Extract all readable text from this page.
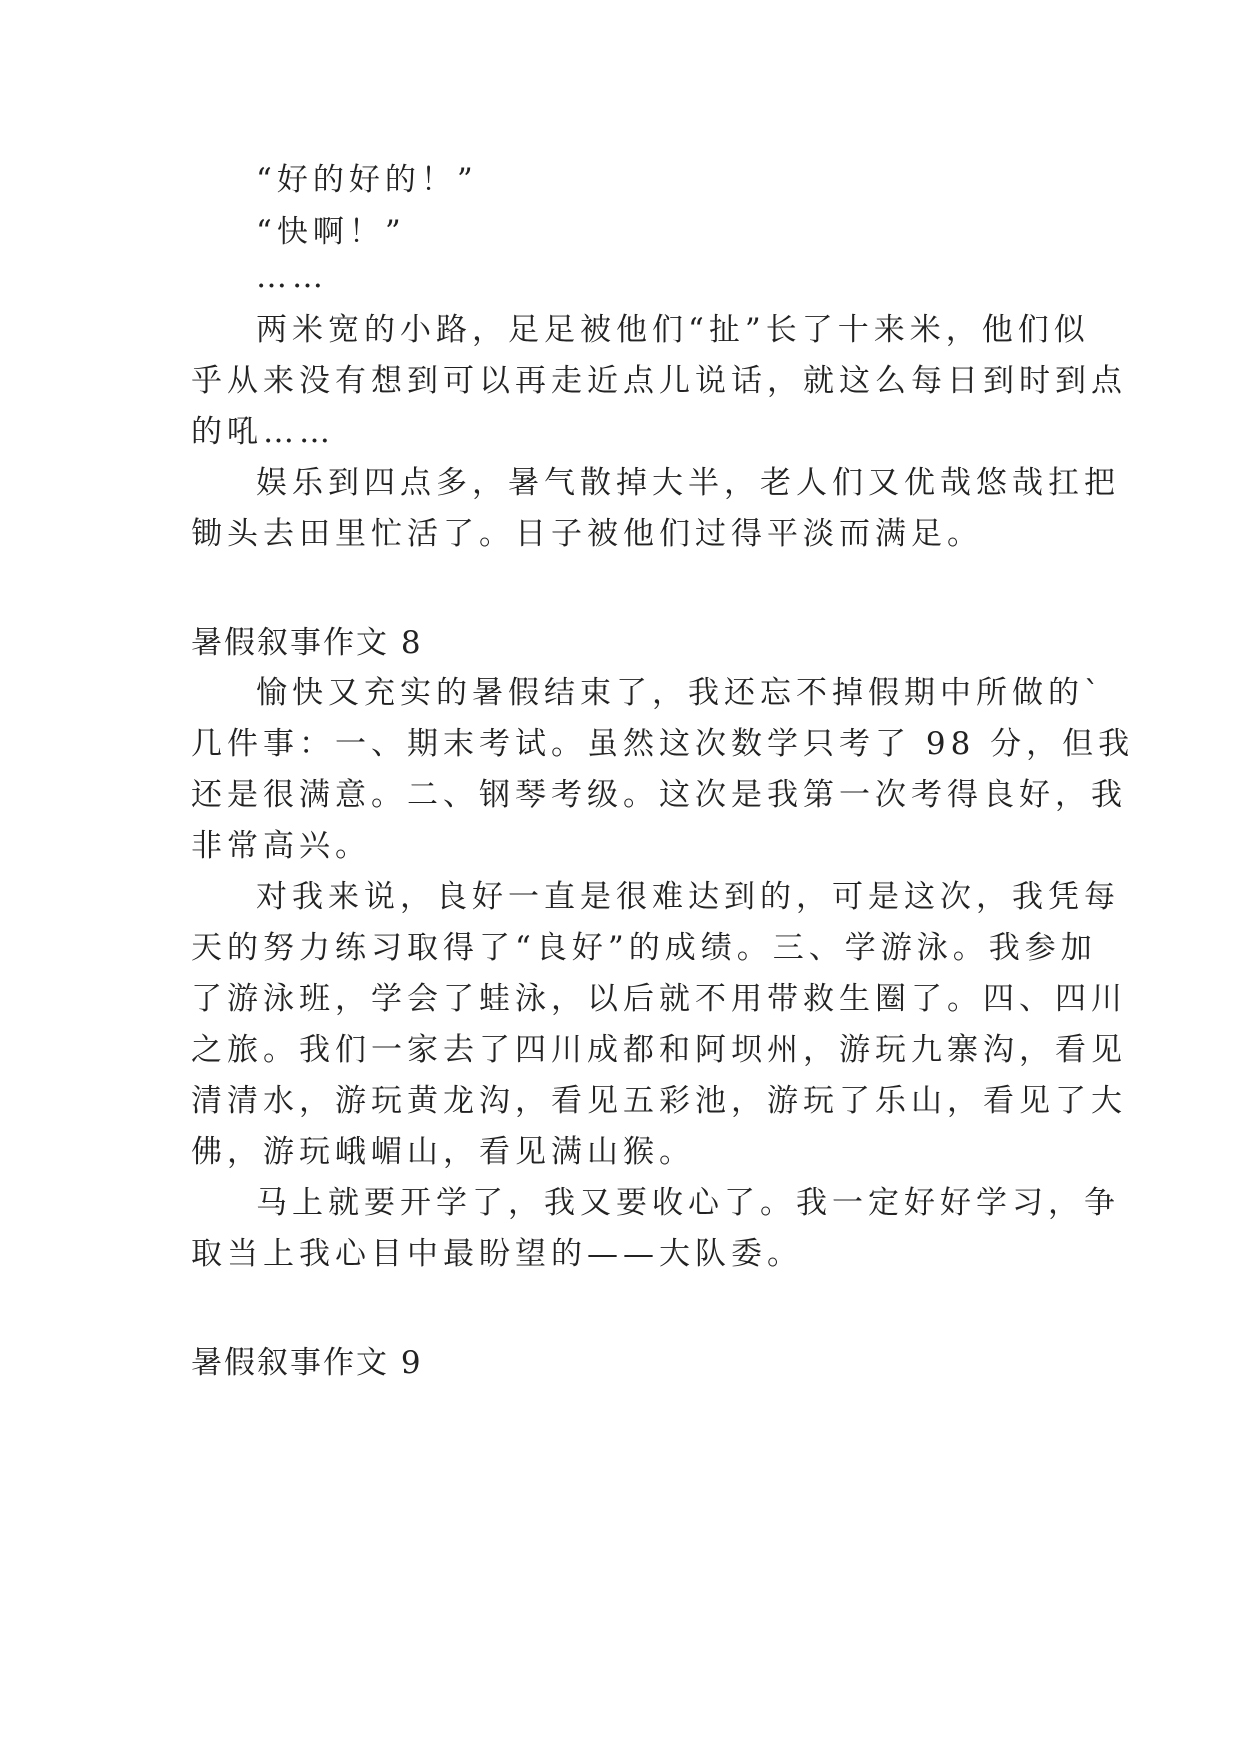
“好的好的！”

“快啊！”

……

两米宽的小路，足足被他们“扯”长了十来米，他们似

乎从来没有想到可以再走近点儿说话，就这么每日到时到点

的吼……

娱乐到四点多，暑气散掉大半，老人们又优哉悠哉扛把

锄头去田里忙活了。日子被他们过得平淡而满足。

暑假叙事作文 8

愉快又充实的暑假结束了，我还忘不掉假期中所做的`

几件事：一、期末考试。虽然这次数学只考了 98 分，但我

还是很满意。二、钢琴考级。这次是我第一次考得良好，我

非常高兴。

对我来说，良好一直是很难达到的，可是这次，我凭每

天的努力练习取得了“良好”的成绩。三、学游泳。我参加

了游泳班，学会了蛙泳，以后就不用带救生圈了。四、四川

之旅。我们一家去了四川成都和阿坝州，游玩九寨沟，看见

清清水，游玩黄龙沟，看见五彩池，游玩了乐山，看见了大

佛，游玩峨嵋山，看见满山猴。

马上就要开学了，我又要收心了。我一定好好学习，争

取当上我心目中最盼望的——大队委。

暑假叙事作文 9
